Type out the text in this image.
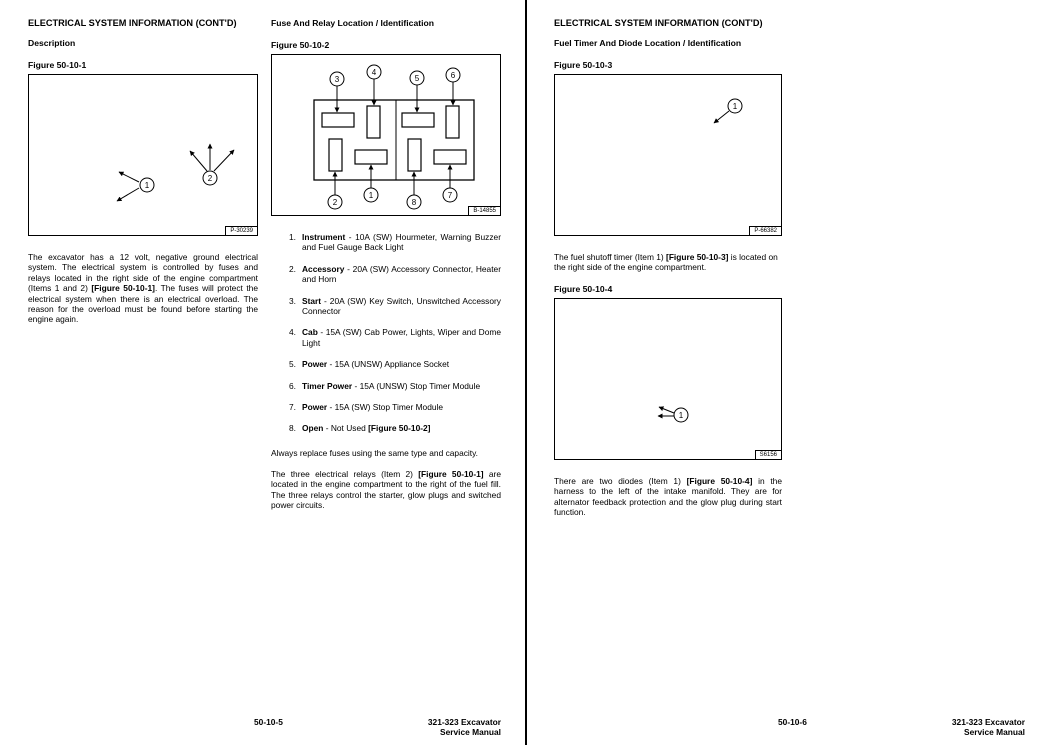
ELECTRICAL SYSTEM INFORMATION (CONT'D)
Description
Figure 50-10-1
1
2
P-30239
The excavator has a 12 volt, negative ground electrical system. The electrical system is controlled by fuses and relays located in the right side of the engine compartment (Items 1 and 2) [Figure 50-10-1]. The fuses will protect the electrical system when there is an electrical overload. The reason for the overload must be found before starting the engine again.
Fuse And Relay Location / Identification
Figure 50-10-2
3
4
5	6
2
1
8
7
B-14855
1. Instrument - 10A (SW) Hourmeter, Warning Buzzer and Fuel Gauge Back Light
2. Accessory - 20A (SW) Accessory Connector, Heater and Horn
3. Start - 20A (SW) Key Switch, Unswitched Accessory Connector
4. Cab - 15A (SW) Cab Power, Lights, Wiper and Dome Light
5. Power - 15A (UNSW) Appliance Socket
6. Timer Power - 15A (UNSW) Stop Timer Module
7. Power - 15A (SW) Stop Timer Module
8. Open - Not Used [Figure 50-10-2]
Always replace fuses using the same type and capacity.
The three electrical relays (Item 2) [Figure 50-10-1] are located in the engine compartment to the right of the fuel fill. The three relays control the starter, glow plugs and switched power circuits.
50-10-5	321-323 Excavator
Service Manual
ELECTRICAL SYSTEM INFORMATION (CONT'D)
Fuel Timer And Diode Location / Identification
Figure 50-10-3
1
P-66382
The fuel shutoff timer (Item 1) [Figure 50-10-3] is located on the right side of the engine compartment.
Figure 50-10-4
1
S6156
There are two diodes (Item 1) [Figure 50-10-4] in the harness to the left of the intake manifold. They are for alternator feedback protection and the glow plug during start function.
50-10-6	321-323 Excavator
Service Manual
